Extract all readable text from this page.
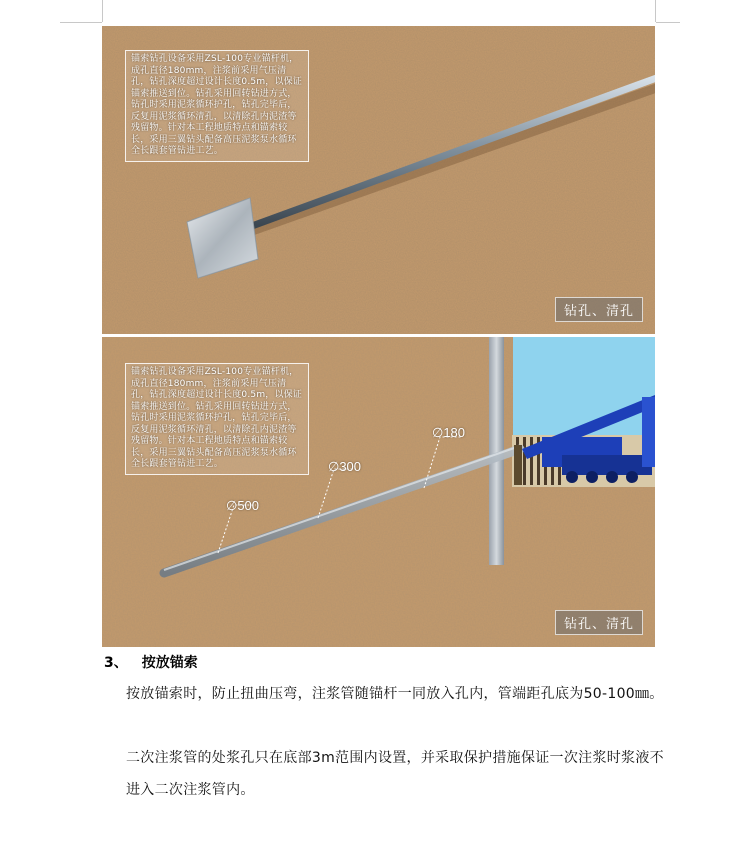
锚索钻孔设备采用ZSL-100专业锚杆机，成孔直径180mm，注浆前采用气压清孔，钻孔深度超过设计长度0.5m，以保证锚索推送到位。钻孔采用回转钻进方式，钻孔时采用泥浆循环护孔，钻孔完毕后，反复用泥浆循环清孔，以清除孔内泥渣等残留物。针对本工程地质特点和锚索较长，采用三翼钻头配备高压泥浆泵水循环全长跟套管钻进工艺。
钻孔、清孔
锚索钻孔设备采用ZSL-100专业锚杆机，成孔直径180mm，注浆前采用气压清孔，钻孔深度超过设计长度0.5m，以保证锚索推送到位。钻孔采用回转钻进方式，钻孔时采用泥浆循环护孔，钻孔完毕后，反复用泥浆循环清孔，以清除孔内泥渣等残留物。针对本工程地质特点和锚索较长，采用三翼钻头配备高压泥浆泵水循环全长跟套管钻进工艺。
∅180
∅300
∅500
钻孔、清孔
3、 按放锚索
按放锚索时，防止扭曲压弯，注浆管随锚杆一同放入孔内，管端距孔底为50-100㎜。
二次注浆管的处浆孔只在底部3m范围内设置，并采取保护措施保证一次注浆时浆液不进入二次注浆管内。
